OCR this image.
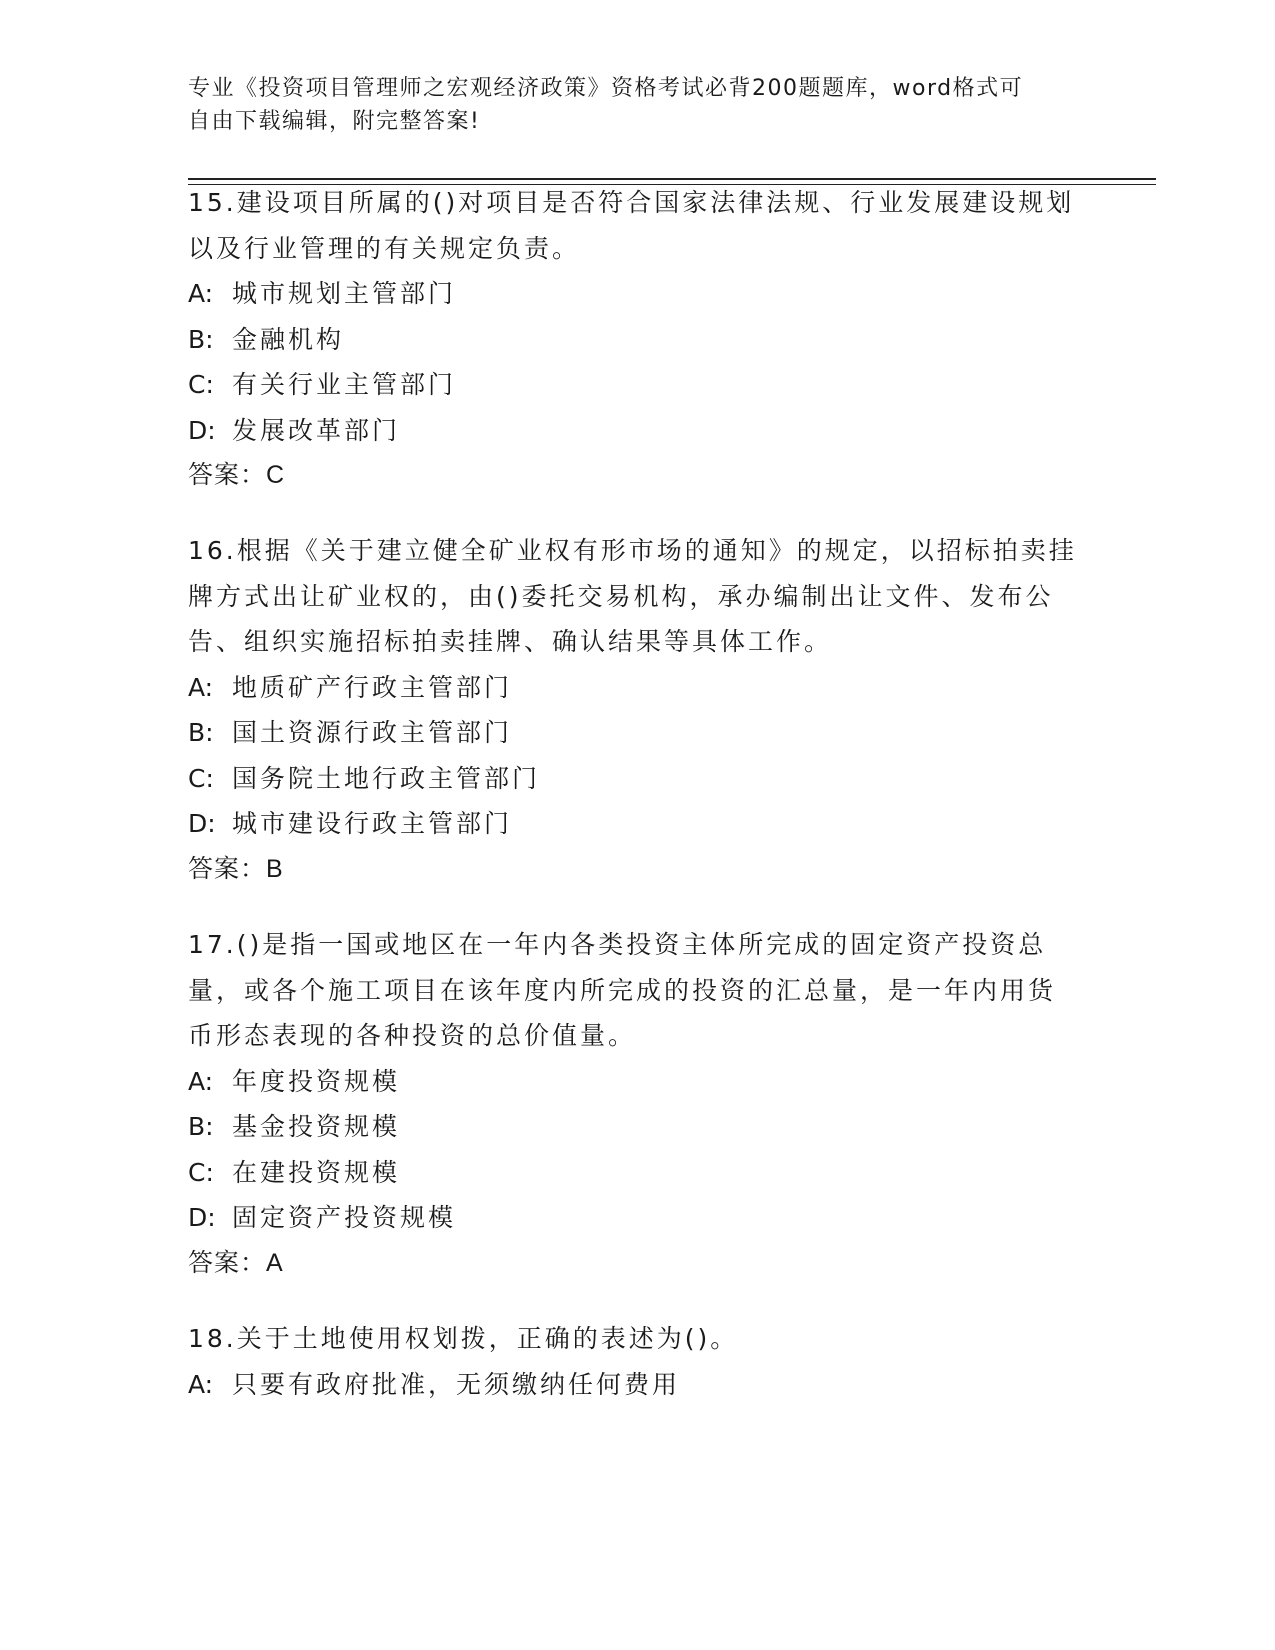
专业《投资项目管理师之宏观经济政策》资格考试必背200题题库，word格式可
自由下载编辑，附完整答案!

15.建设项目所属的()对项目是否符合国家法律法规、行业发展建设规划以及行业管理的有关规定负责。

A: 城市规划主管部门

B: 金融机构

C: 有关行业主管部门

D: 发展改革部门

答案：C

16.根据《关于建立健全矿业权有形市场的通知》的规定，以招标拍卖挂牌方式出让矿业权的，由()委托交易机构，承办编制出让文件、发布公告、组织实施招标拍卖挂牌、确认结果等具体工作。

A: 地质矿产行政主管部门

B: 国土资源行政主管部门

C: 国务院土地行政主管部门

D: 城市建设行政主管部门

答案：B

17.()是指一国或地区在一年内各类投资主体所完成的固定资产投资总量，或各个施工项目在该年度内所完成的投资的汇总量，是一年内用货币形态表现的各种投资的总价值量。

A: 年度投资规模

B: 基金投资规模

C: 在建投资规模

D: 固定资产投资规模

答案：A

18.关于土地使用权划拨，正确的表述为()。

A: 只要有政府批准，无须缴纳任何费用
